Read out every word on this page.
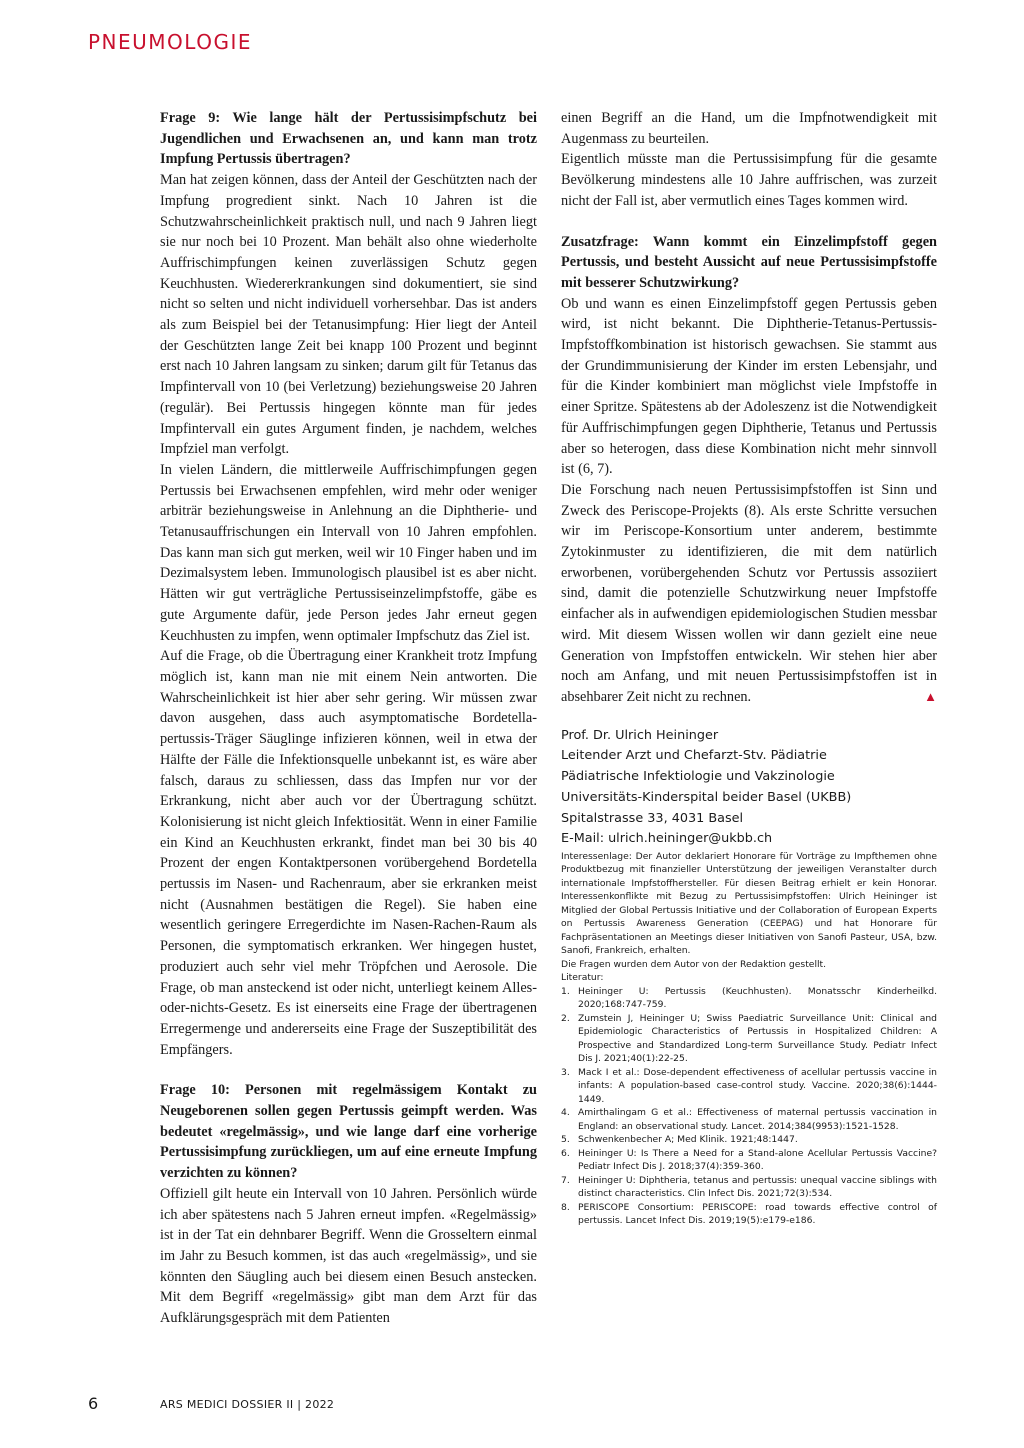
PNEUMOLOGIE

Frage 9: Wie lange hält der Pertussisimpfschutz bei Jugendlichen und Erwachsenen an, und kann man trotz Impfung Pertussis übertragen?

Man hat zeigen können, dass der Anteil der Geschützten nach der Impfung progredient sinkt. Nach 10 Jahren ist die Schutzwahrscheinlichkeit praktisch null, und nach 9 Jahren liegt sie nur noch bei 10 Prozent. Man behält also ohne wiederholte Auffrischimpfungen keinen zuverlässigen Schutz gegen Keuchhusten. Wiedererkrankungen sind dokumentiert, sie sind nicht so selten und nicht individuell vorhersehbar. Das ist anders als zum Beispiel bei der Tetanusimpfung: Hier liegt der Anteil der Geschützten lange Zeit bei knapp 100 Prozent und beginnt erst nach 10 Jahren langsam zu sinken; darum gilt für Tetanus das Impfintervall von 10 (bei Verletzung) beziehungsweise 20 Jahren (regulär). Bei Pertussis hingegen könnte man für jedes Impfintervall ein gutes Argument finden, je nachdem, welches Impfziel man verfolgt.

In vielen Ländern, die mittlerweile Auffrischimpfungen gegen Pertussis bei Erwachsenen empfehlen, wird mehr oder weniger arbiträr beziehungsweise in Anlehnung an die Diphtherie- und Tetanusauffrischungen ein Intervall von 10 Jahren empfohlen. Das kann man sich gut merken, weil wir 10 Finger haben und im Dezimalsystem leben. Immunologisch plausibel ist es aber nicht. Hätten wir gut verträgliche Pertussiseinzelimpfstoffe, gäbe es gute Argumente dafür, jede Person jedes Jahr erneut gegen Keuchhusten zu impfen, wenn optimaler Impfschutz das Ziel ist.

Auf die Frage, ob die Übertragung einer Krankheit trotz Impfung möglich ist, kann man nie mit einem Nein antworten. Die Wahrscheinlichkeit ist hier aber sehr gering. Wir müssen zwar davon ausgehen, dass auch asymptomatische Bordetella-pertussis-Träger Säuglinge infizieren können, weil in etwa der Hälfte der Fälle die Infektionsquelle unbekannt ist, es wäre aber falsch, daraus zu schliessen, dass das Impfen nur vor der Erkrankung, nicht aber auch vor der Übertragung schützt. Kolonisierung ist nicht gleich Infektiosität. Wenn in einer Familie ein Kind an Keuchhusten erkrankt, findet man bei 30 bis 40 Prozent der engen Kontaktpersonen vorübergehend Bordetella pertussis im Nasen- und Rachenraum, aber sie erkranken meist nicht (Ausnahmen bestätigen die Regel). Sie haben eine wesentlich geringere Erregerdichte im Nasen-Rachen-Raum als Personen, die symptomatisch erkranken. Wer hingegen hustet, produziert auch sehr viel mehr Tröpfchen und Aerosole. Die Frage, ob man ansteckend ist oder nicht, unterliegt keinem Alles-oder-nichts-Gesetz. Es ist einerseits eine Frage der übertragenen Erregermenge und andererseits eine Frage der Suszeptibilität des Empfängers.

Frage 10: Personen mit regelmässigem Kontakt zu Neugeborenen sollen gegen Pertussis geimpft werden. Was bedeutet «regelmässig», und wie lange darf eine vorherige Pertussisimpfung zurückliegen, um auf eine erneute Impfung verzichten zu können?

Offiziell gilt heute ein Intervall von 10 Jahren. Persönlich würde ich aber spätestens nach 5 Jahren erneut impfen. «Regelmässig» ist in der Tat ein dehnbarer Begriff. Wenn die Grosseltern einmal im Jahr zu Besuch kommen, ist das auch «regelmässig», und sie könnten den Säugling auch bei diesem einen Besuch anstecken. Mit dem Begriff «regelmässig» gibt man dem Arzt für das Aufklärungsgespräch mit dem Patienten

einen Begriff an die Hand, um die Impfnotwendigkeit mit Augenmass zu beurteilen.

Eigentlich müsste man die Pertussisimpfung für die gesamte Bevölkerung mindestens alle 10 Jahre auffrischen, was zurzeit nicht der Fall ist, aber vermutlich eines Tages kommen wird.

Zusatzfrage: Wann kommt ein Einzelimpfstoff gegen Pertussis, und besteht Aussicht auf neue Pertussisimpfstoffe mit besserer Schutzwirkung?

Ob und wann es einen Einzelimpfstoff gegen Pertussis geben wird, ist nicht bekannt. Die Diphtherie-Tetanus-Pertussis-Impfstoffkombination ist historisch gewachsen. Sie stammt aus der Grundimmunisierung der Kinder im ersten Lebensjahr, und für die Kinder kombiniert man möglichst viele Impfstoffe in einer Spritze. Spätestens ab der Adoleszenz ist die Notwendigkeit für Auffrischimpfungen gegen Diphtherie, Tetanus und Pertussis aber so heterogen, dass diese Kombination nicht mehr sinnvoll ist (6, 7).

Die Forschung nach neuen Pertussisimpfstoffen ist Sinn und Zweck des Periscope-Projekts (8). Als erste Schritte versuchen wir im Periscope-Konsortium unter anderem, bestimmte Zytokinmuster zu identifizieren, die mit dem natürlich erworbenen, vorübergehenden Schutz vor Pertussis assoziiert sind, damit die potenzielle Schutzwirkung neuer Impfstoffe einfacher als in aufwendigen epidemiologischen Studien messbar wird. Mit diesem Wissen wollen wir dann gezielt eine neue Generation von Impfstoffen entwickeln. Wir stehen hier aber noch am Anfang, und mit neuen Pertussisimpfstoffen ist in absehbarer Zeit nicht zu rechnen.	▲

Prof. Dr. Ulrich Heininger
Leitender Arzt und Chefarzt-Stv. Pädiatrie
Pädiatrische Infektiologie und Vakzinologie
Universitäts-Kinderspital beider Basel (UKBB)
Spitalstrasse 33, 4031 Basel
E-Mail: ulrich.heininger@ukbb.ch

Interessenlage: Der Autor deklariert Honorare für Vorträge zu Impfthemen ohne Produktbezug mit finanzieller Unterstützung der jeweiligen Veranstalter durch internationale Impfstoffhersteller. Für diesen Beitrag erhielt er kein Honorar. Interessenkonflikte mit Bezug zu Pertussisimpfstoffen: Ulrich Heininger ist Mitglied der Global Pertussis Initiative und der Collaboration of European Experts on Pertussis Awareness Generation (CEEPAG) und hat Honorare für Fachpräsentationen an Meetings dieser Initiativen von Sanofi Pasteur, USA, bzw. Sanofi, Frankreich, erhalten.

Die Fragen wurden dem Autor von der Redaktion gestellt.

Literatur:

1. Heininger U: Pertussis (Keuchhusten). Monatsschr Kinderheilkd. 2020;168:747-759.
2. Zumstein J, Heininger U; Swiss Paediatric Surveillance Unit: Clinical and Epidemiologic Characteristics of Pertussis in Hospitalized Children: A Prospective and Standardized Long-term Surveillance Study. Pediatr Infect Dis J. 2021;40(1):22-25.
3. Mack I et al.: Dose-dependent effectiveness of acellular pertussis vaccine in infants: A population-based case-control study. Vaccine. 2020;38(6):1444-1449.
4. Amirthalingam G et al.: Effectiveness of maternal pertussis vaccination in England: an observational study. Lancet. 2014;384(9953):1521-1528.
5. Schwenkenbecher A; Med Klinik. 1921;48:1447.
6. Heininger U: Is There a Need for a Stand-alone Acellular Pertussis Vaccine? Pediatr Infect Dis J. 2018;37(4):359-360.
7. Heininger U: Diphtheria, tetanus and pertussis: unequal vaccine siblings with distinct characteristics. Clin Infect Dis. 2021;72(3):534.
8. PERISCOPE Consortium: PERISCOPE: road towards effective control of pertussis. Lancet Infect Dis. 2019;19(5):e179-e186.
6	ARS MEDICI DOSSIER II | 2022
